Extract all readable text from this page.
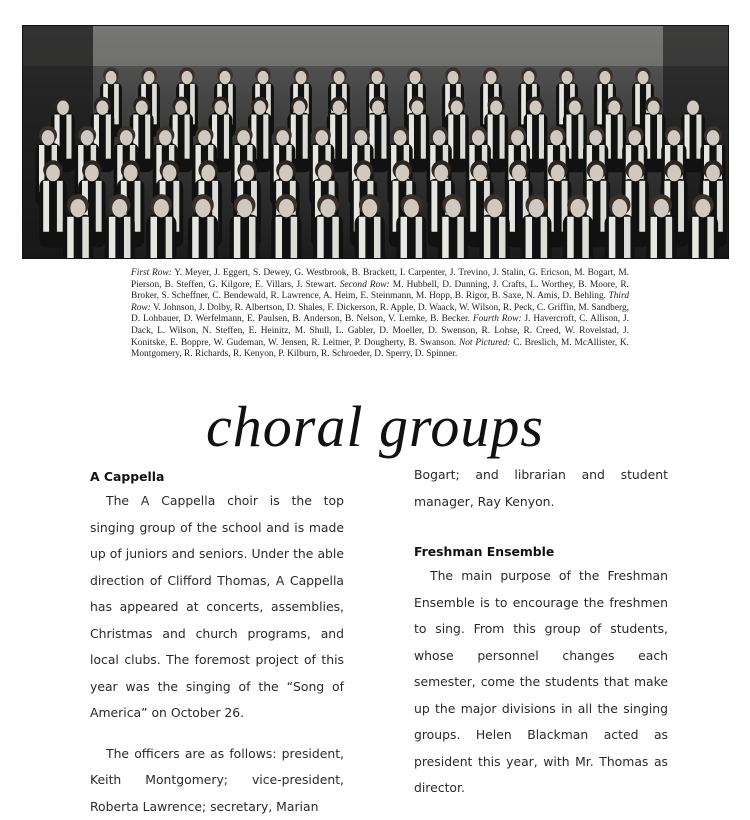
First Row: Y. Meyer, J. Eggert, S. Dewey, G. Westbrook, B. Brackett, I. Carpenter, J. Trevino, J. Stalin, G. Ericson, M. Bogart, M. Pierson, B. Steffen, G. Kilgore, E. Villars, J. Stewart. Second Row: M. Hubbell, D. Dunning, J. Crafts, L. Worthey, B. Moore, R. Broker, S. Scheffner, C. Bendewald, R. Lawrence, A. Heim, E. Steinmann, M. Hopp, B. Rigor, B. Saxe, N. Amis, D. Behling. Third Row: V. Johnson, J. Dolby, R. Albertson, D. Shales, F. Dickerson, R. Apple, D. Waack, W. Wilson, R. Peck, C. Griffin, M. Sandberg, D. Lohbauer, D. Werfelmann, E. Paulsen, B. Anderson, B. Nelson, V. Lemke, B. Becker. Fourth Row: J. Havercroft, C. Allison, J. Dack, L. Wilson, N. Steffen, E. Heinitz, M. Shull, L. Gabler, D. Moeller, D. Swenson, R. Lohse, R. Creed, W. Rovelstad, J. Konitske, E. Boppre, W. Gudeman, W. Jensen, R. Leitner, P. Dougherty, B. Swanson. Not Pictured: C. Breslich, M. McAllister, K. Montgomery, R. Richards, R. Kenyon, P. Kilburn, R. Schroeder, D. Sperry, D. Spinner.
choral groups
A Cappella

The A Cappella choir is the top singing group of the school and is made up of juniors and seniors. Under the able direction of Clifford Thomas, A Cappella has appeared at concerts, assemblies, Christmas and church programs, and local clubs. The foremost project of this year was the singing of the “Song of America” on October 26.

The officers are as follows: president, Keith Montgomery; vice-president, Roberta Lawrence; secretary, Marian

Bogart; and librarian and student manager, Ray Kenyon.

Freshman Ensemble

The main purpose of the Freshman Ensemble is to encourage the freshmen to sing. From this group of students, whose personnel changes each semester, come the students that make up the major divisions in all the singing groups. Helen Blackman acted as president this year, with Mr. Thomas as director.
